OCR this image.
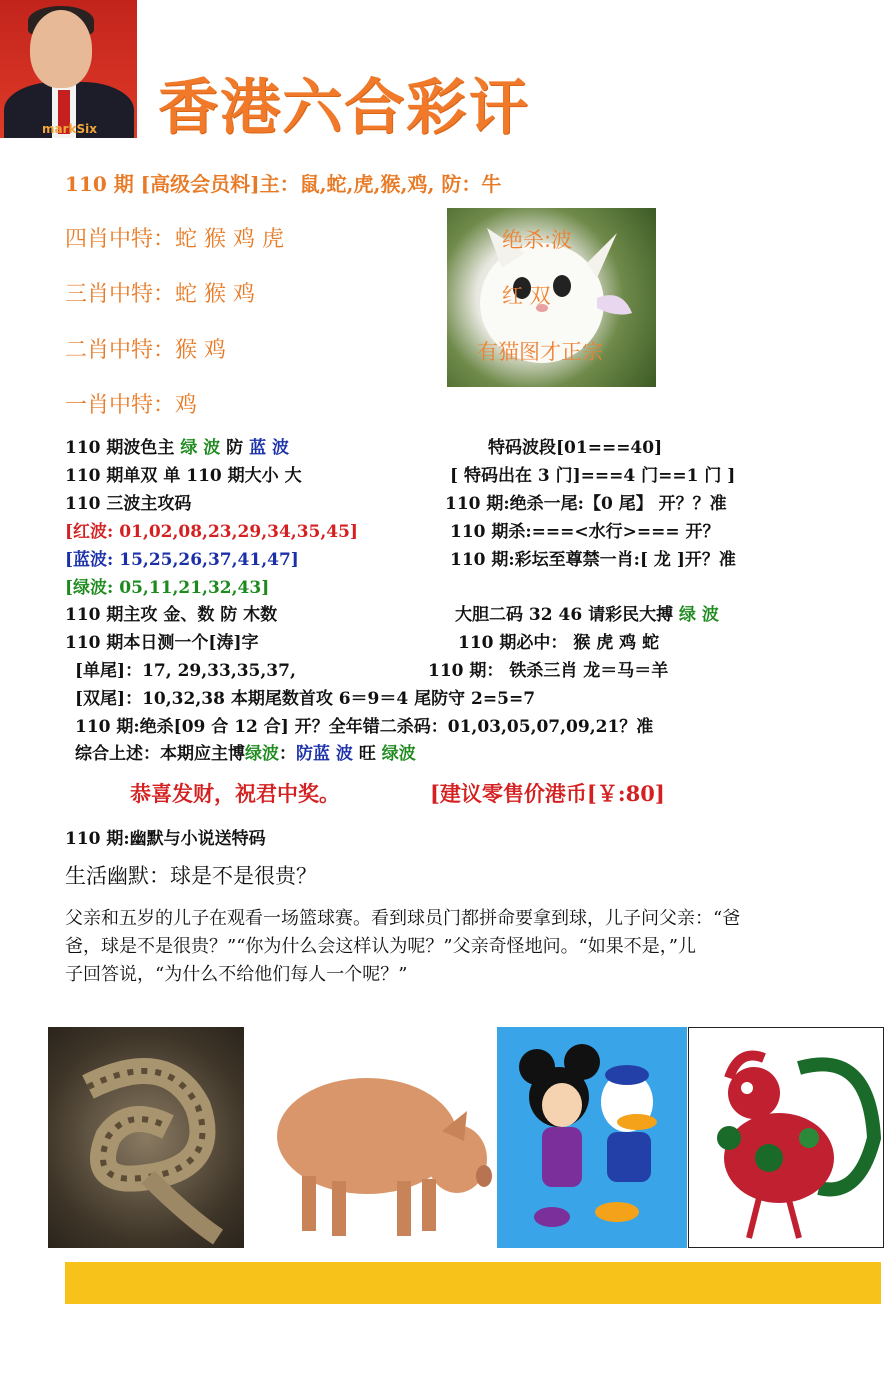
markSix 香港六合彩讦
110 期 [高级会员料]主：鼠,蛇,虎,猴,鸡, 防：牛
四肖中特：蛇 猴 鸡 虎
三肖中特：蛇 猴 鸡
二肖中特：猴 鸡
一肖中特：鸡
绝杀:波
红 双
有猫图才正宗
110 期波色主 绿 波 防 蓝 波
110 期单双 单 110 期大小 大
110 三波主攻码
[红波: 01,02,08,23,29,34,35,45]
[蓝波: 15,25,26,37,41,47]
[绿波: 05,11,21,32,43]
110 期主攻 金、数 防 木数
110 期本日测一个[涛]字
[单尾]：17, 29,33,35,37,
[双尾]：10,32,38 本期尾数首攻 6＝9＝4 尾防守 2=5=7
110 期:绝杀[09 合 12 合] 开？全年错二杀码：01,03,05,07,09,21？准
综合上述：本期应主博绿波：防蓝 波 旺 绿波
特码波段[01===40]
[ 特码出在 3 门]===4 门==1 门 ]
110 期:绝杀一尾:【0 尾】 开？？准
110 期杀:===<水行>=== 开？
110 期:彩坛至尊禁一肖:[ 龙 ]开？准
大胆二码 32 46 请彩民大搏 绿 波
110 期必中： 猴 虎 鸡 蛇
110 期： 铁杀三肖 龙＝马＝羊
恭喜发财，祝君中奖。	[建议零售价港币[￥:80]
110 期:幽默与小说送特码
生活幽默：球是不是很贵？
父亲和五岁的儿子在观看一场篮球赛。看到球员门都拼命要拿到球，儿子问父亲：“爸
爸，球是不是很贵？”“你为什么会这样认为呢？”父亲奇怪地问。“如果不是，”儿
子回答说，“为什么不给他们每人一个呢？”
